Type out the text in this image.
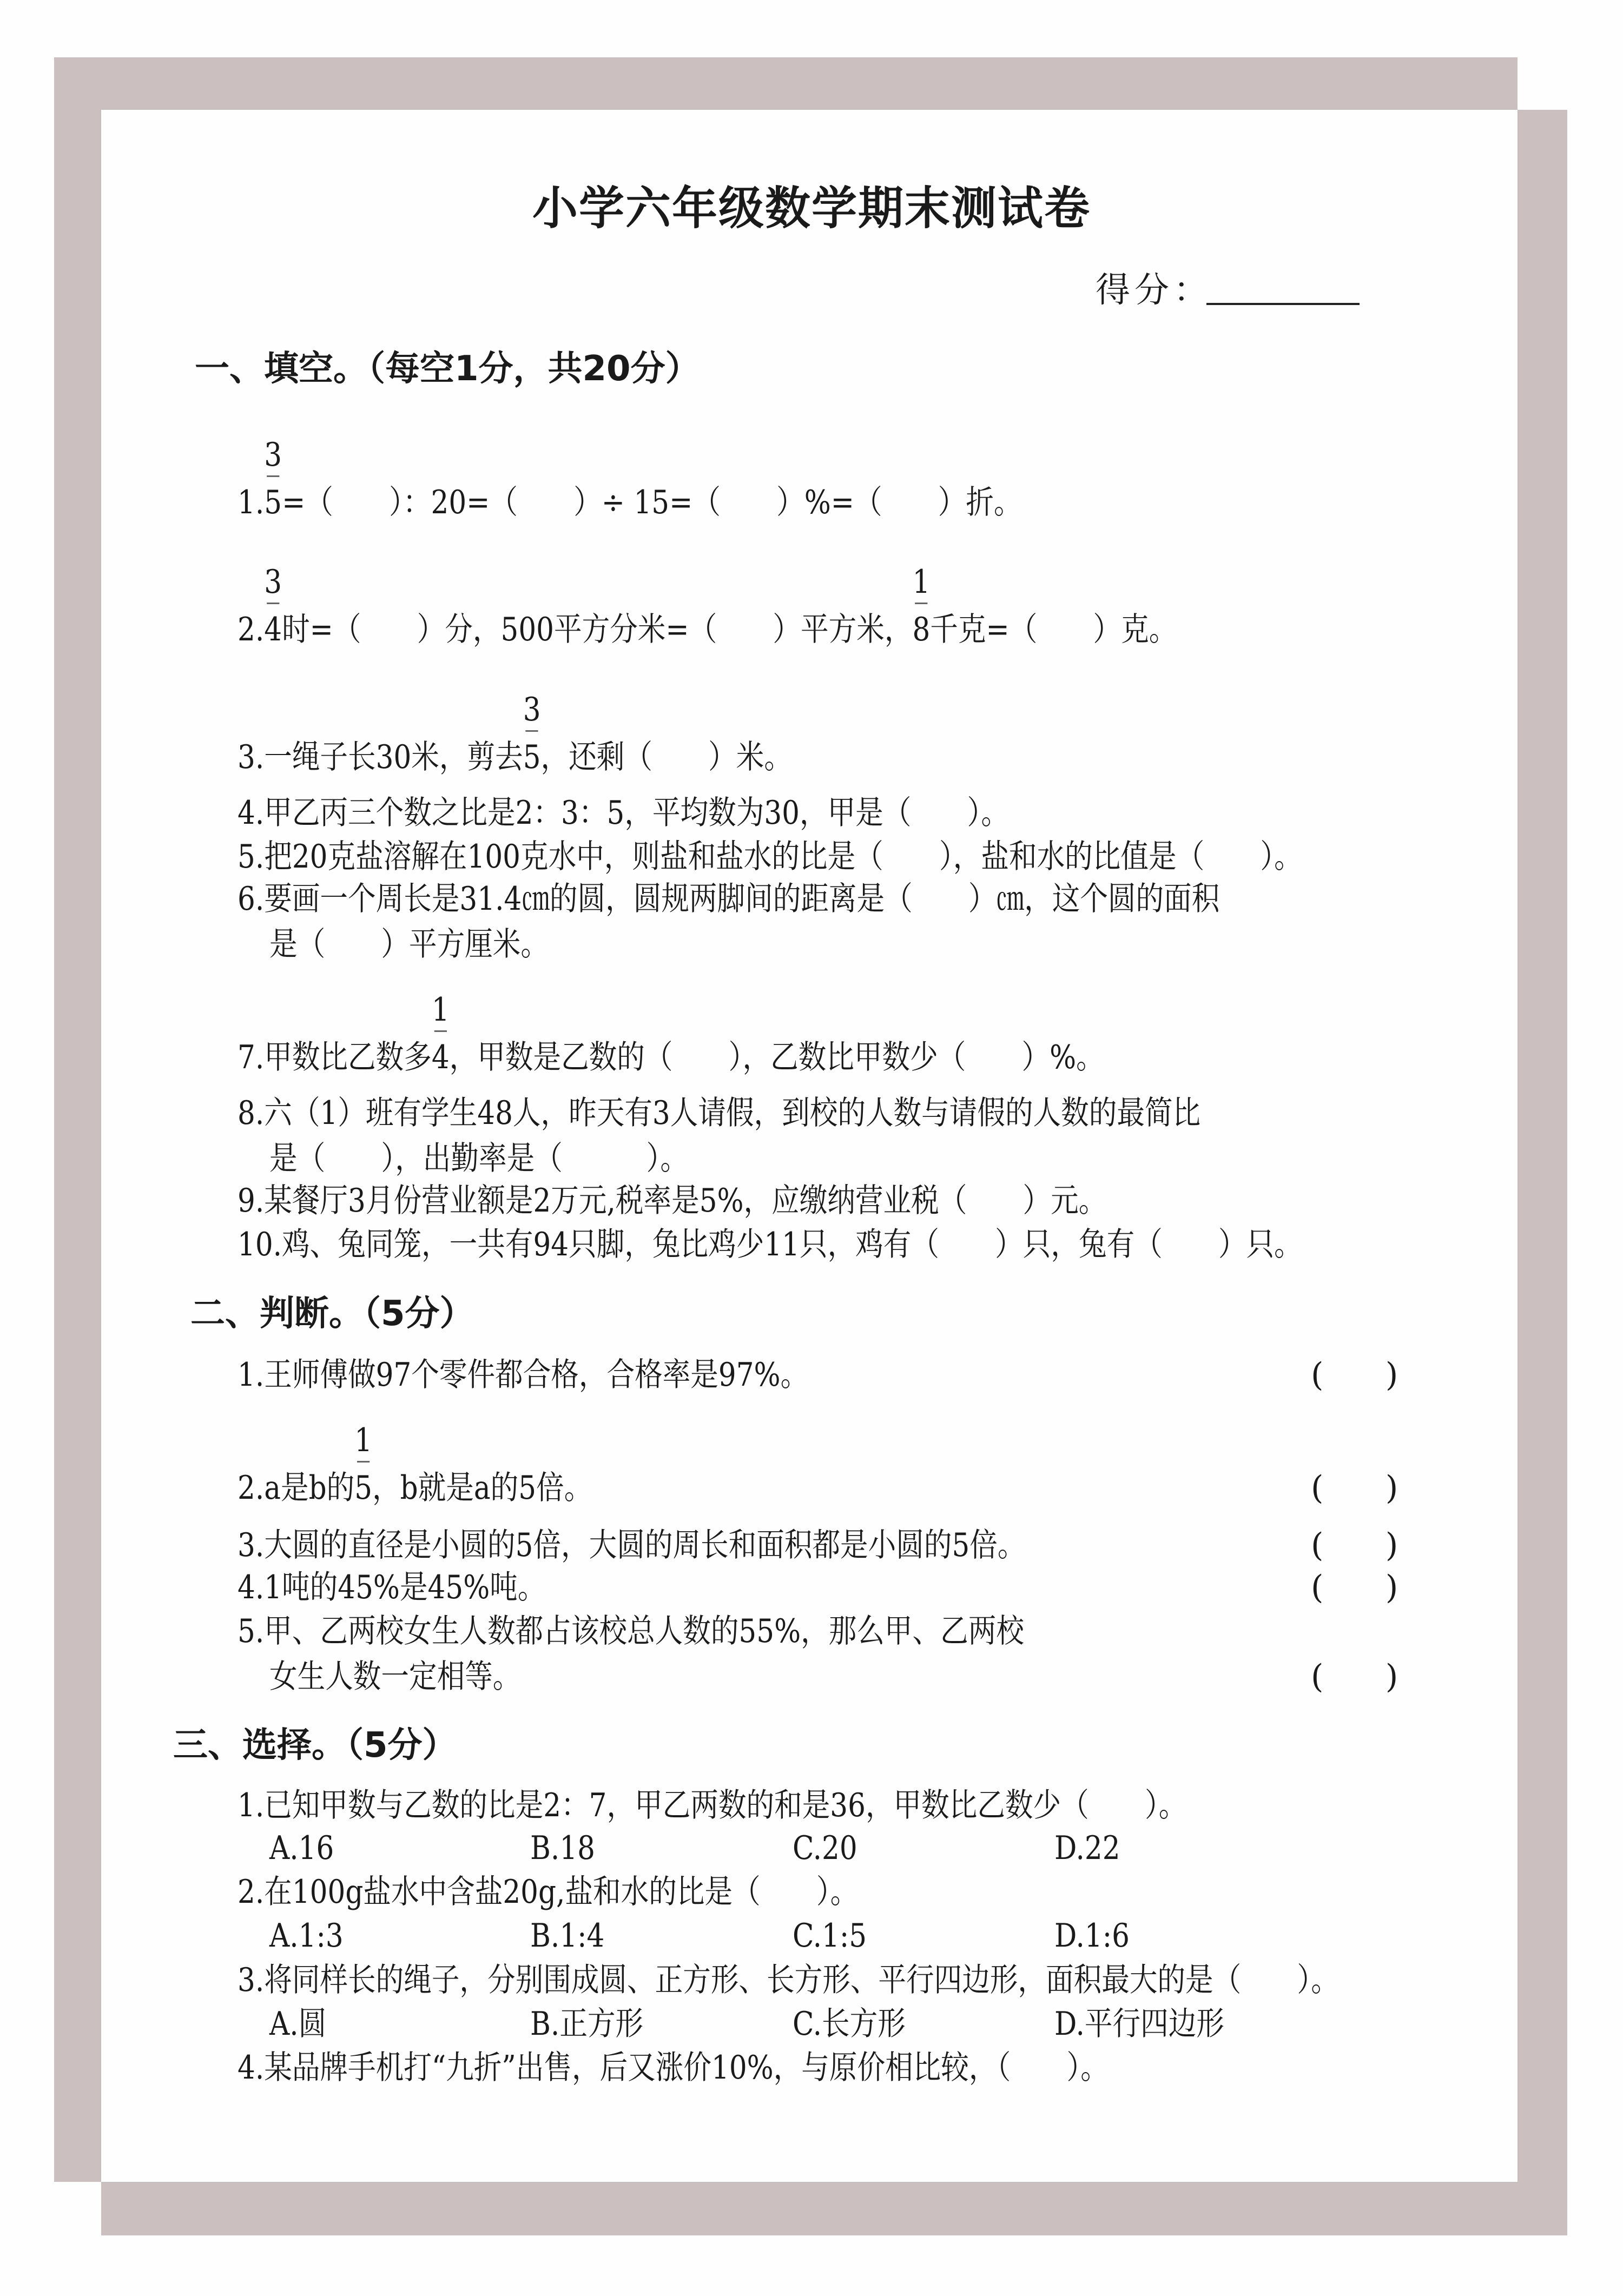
小学六年级数学期末测试卷
得分：
一、填空。（每空1分，共20分）
1. $\frac{3}{5}=$（　　）：20=（　　）÷ 15=（　　）%=（　　）折。
2. $\frac{3}{4}$时=（　　）分，500平方分米=（　　）平方米， $\frac{1}{8}$千克=（　　）克。
3.一绳子长30米，剪去 $\frac{3}{5}$，还剩（　　）米。
4.甲乙丙三个数之比是2：3：5，平均数为30，甲是（　　）。
5.把20克盐溶解在100克水中，则盐和盐水的比是（　　），盐和水的比值是（　　）。
6.要画一个周长是31.4㎝的圆，圆规两脚间的距离是（　　）㎝，这个圆的面积
是（　　）平方厘米。
7.甲数比乙数多 $\frac{1}{4}$，甲数是乙数的（　　），乙数比甲数少（　　）%。
8.六（1）班有学生48人，昨天有3人请假，到校的人数与请假的人数的最简比
是（　　），出勤率是（　　　）。
9.某餐厅3月份营业额是2万元,税率是5%，应缴纳营业税（　　）元。
10.鸡、兔同笼，一共有94只脚，兔比鸡少11只，鸡有（　　）只，兔有（　　）只。
二、判断。（5分）
1.王师傅做97个零件都合格，合格率是97%。	(      )
2.a是b的 $\frac{1}{5}$，b就是a的5倍。	(      )
3.大圆的直径是小圆的5倍，大圆的周长和面积都是小圆的5倍。	(      )
4.1吨的45%是45%吨。	(      )
5.甲、乙两校女生人数都占该校总人数的55%，那么甲、乙两校
女生人数一定相等。	(      )
三、选择。（5分）
1.已知甲数与乙数的比是2：7，甲乙两数的和是36，甲数比乙数少（　　）。
A.16	B.18	C.20	D.22
2.在100g盐水中含盐20g,盐和水的比是（　　）。
A.1:3	B.1:4	C.1:5	D.1:6
3.将同样长的绳子，分别围成圆、正方形、长方形、平行四边形，面积最大的是（　　）。
A.圆	B.正方形	C.长方形	D.平行四边形
4.某品牌手机打“九折”出售，后又涨价10%，与原价相比较，（　　）。
